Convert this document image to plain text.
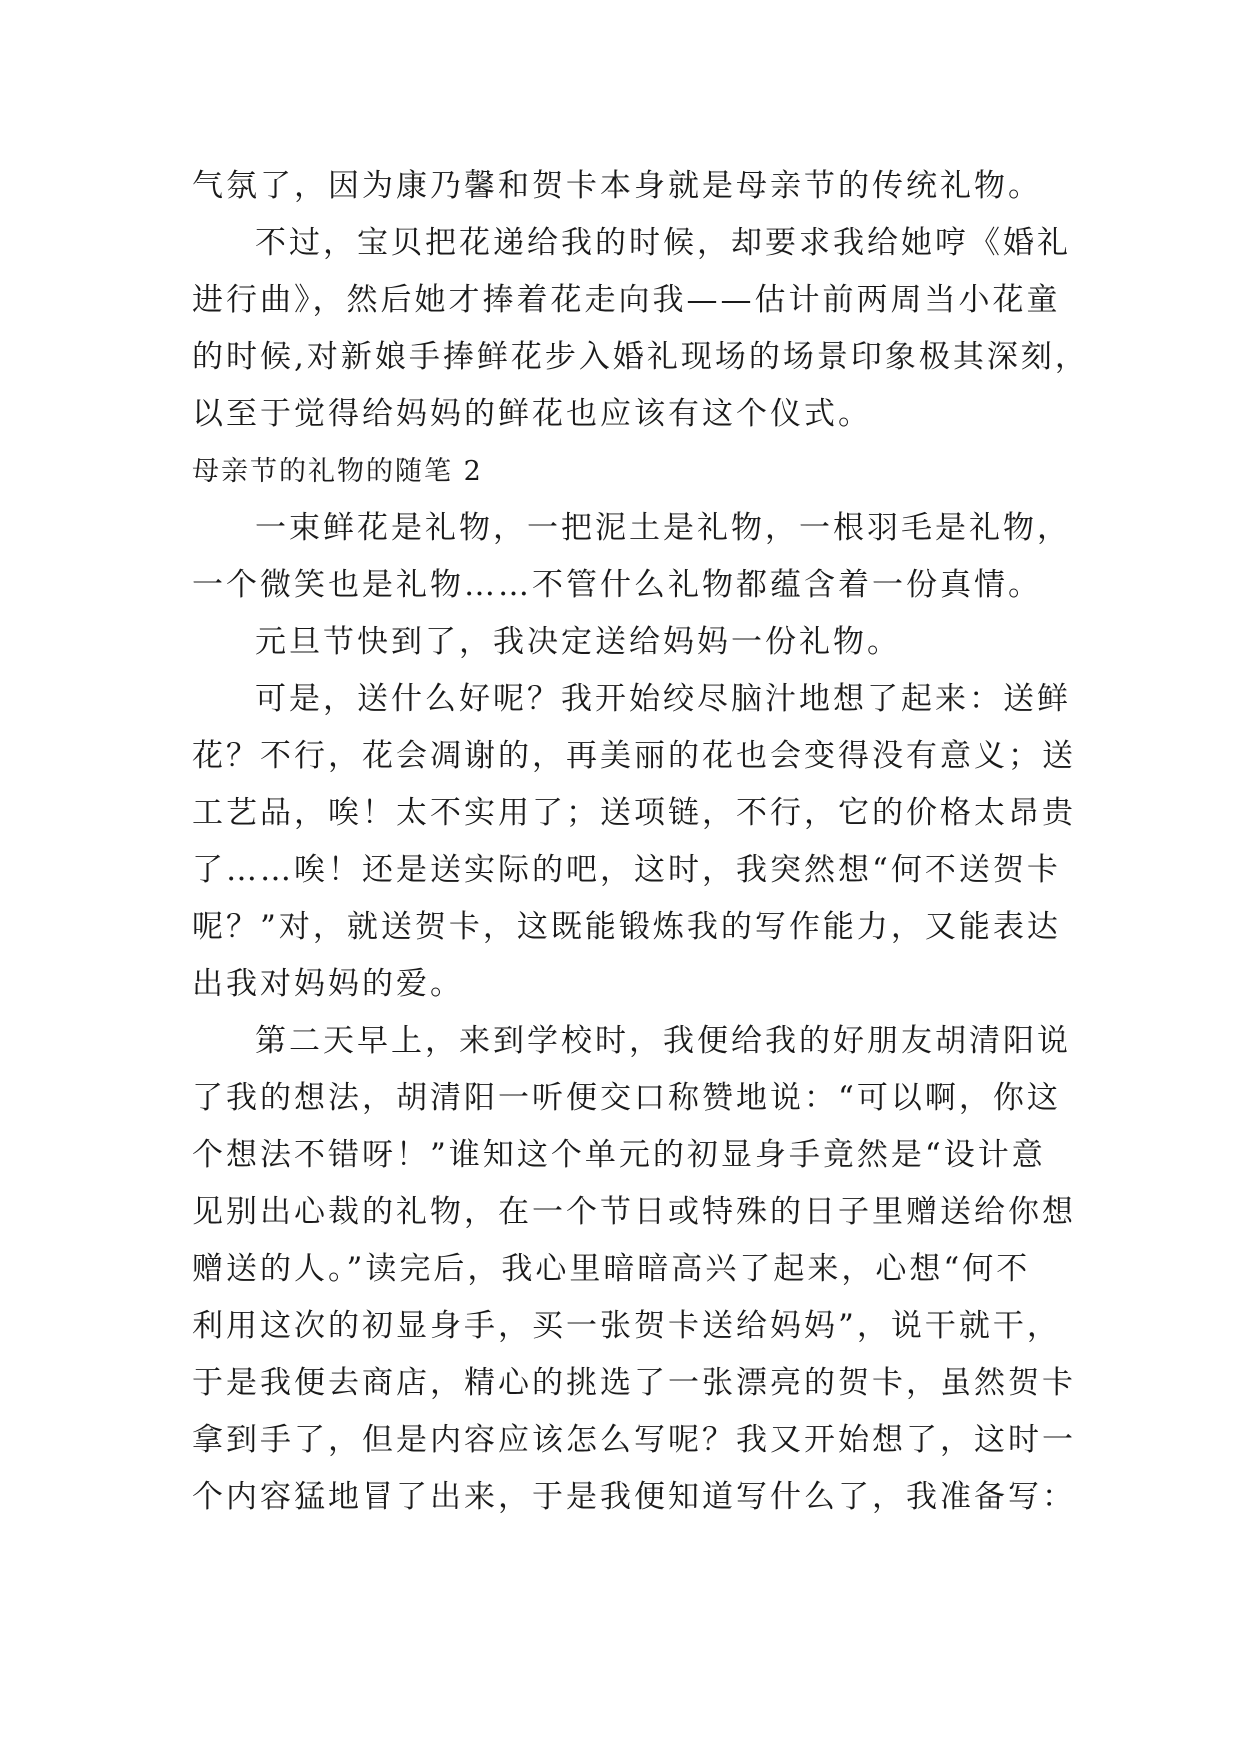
气氛了，因为康乃馨和贺卡本身就是母亲节的传统礼物。
不过，宝贝把花递给我的时候，却要求我给她哼《婚礼
进行曲》，然后她才捧着花走向我——估计前两周当小花童
的时候,对新娘手捧鲜花步入婚礼现场的场景印象极其深刻，
以至于觉得给妈妈的鲜花也应该有这个仪式。
母亲节的礼物的随笔 2
一束鲜花是礼物，一把泥土是礼物，一根羽毛是礼物，
一个微笑也是礼物……不管什么礼物都蕴含着一份真情。
元旦节快到了，我决定送给妈妈一份礼物。
可是，送什么好呢？我开始绞尽脑汁地想了起来：送鲜
花？不行，花会凋谢的，再美丽的花也会变得没有意义；送
工艺品，唉！太不实用了；送项链，不行，它的价格太昂贵
了……唉！还是送实际的吧，这时，我突然想“何不送贺卡
呢？”对，就送贺卡，这既能锻炼我的写作能力，又能表达
出我对妈妈的爱。
第二天早上，来到学校时，我便给我的好朋友胡清阳说
了我的想法，胡清阳一听便交口称赞地说：“可以啊，你这
个想法不错呀！”谁知这个单元的初显身手竟然是“设计意
见别出心裁的礼物，在一个节日或特殊的日子里赠送给你想
赠送的人。”读完后，我心里暗暗高兴了起来，心想“何不
利用这次的初显身手，买一张贺卡送给妈妈”，说干就干，
于是我便去商店，精心的挑选了一张漂亮的贺卡，虽然贺卡
拿到手了，但是内容应该怎么写呢？我又开始想了，这时一
个内容猛地冒了出来，于是我便知道写什么了，我准备写：
